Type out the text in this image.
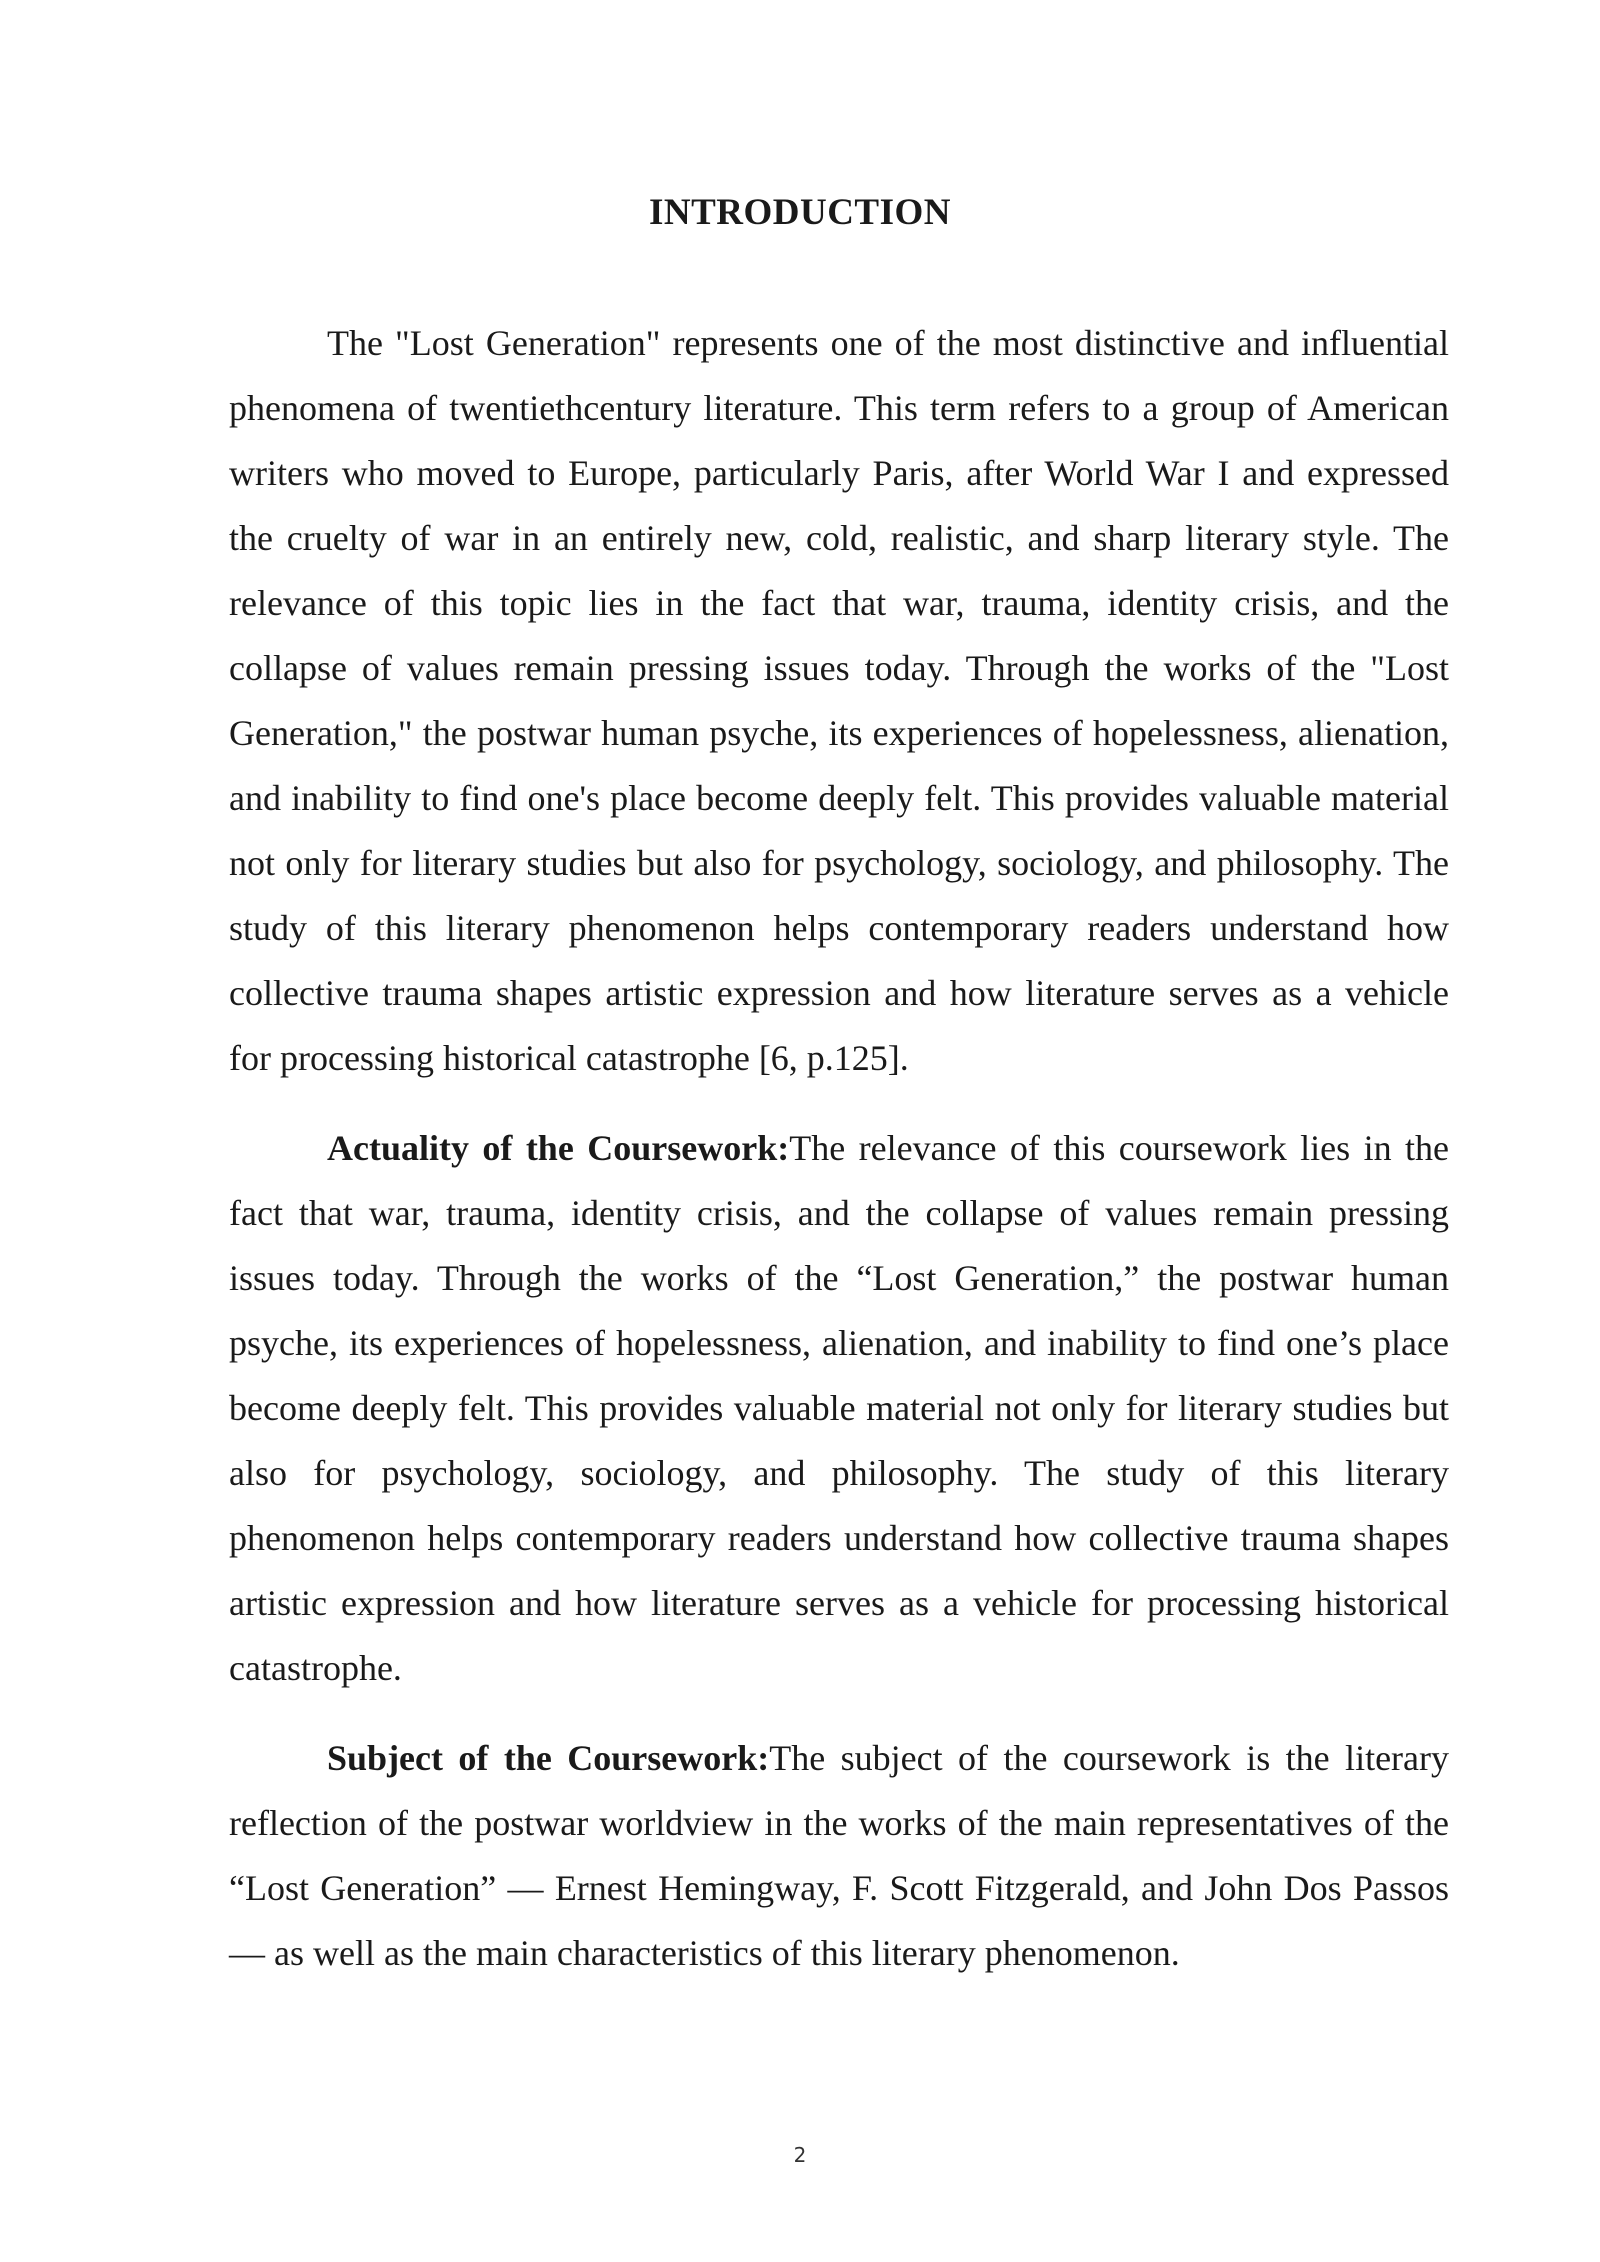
INTRODUCTION

The "Lost Generation" represents one of the most distinctive and influential phenomena of twentiethcentury literature. This term refers to a group of American writers who moved to Europe, particularly Paris, after World War I and expressed the cruelty of war in an entirely new, cold, realistic, and sharp literary style. The relevance of this topic lies in the fact that war, trauma, identity crisis, and the collapse of values remain pressing issues today. Through the works of the "Lost Generation," the postwar human psyche, its experiences of hopelessness, alienation, and inability to find one's place become deeply felt. This provides valuable material not only for literary studies but also for psychology, sociology, and philosophy. The study of this literary phenomenon helps contemporary readers understand how collective trauma shapes artistic expression and how literature serves as a vehicle for processing historical catastrophe [6, p.125].

Actuality of the Coursework:The relevance of this coursework lies in the fact that war, trauma, identity crisis, and the collapse of values remain pressing issues today. Through the works of the “Lost Generation,” the postwar human psyche, its experiences of hopelessness, alienation, and inability to find one’s place become deeply felt. This provides valuable material not only for literary studies but also for psychology, sociology, and philosophy. The study of this literary phenomenon helps contemporary readers understand how collective trauma shapes artistic expression and how literature serves as a vehicle for processing historical catastrophe.

Subject of the Coursework:The subject of the coursework is the literary reflection of the postwar worldview in the works of the main representatives of the “Lost Generation” — Ernest Hemingway, F. Scott Fitzgerald, and John Dos Passos — as well as the main characteristics of this literary phenomenon.

2
